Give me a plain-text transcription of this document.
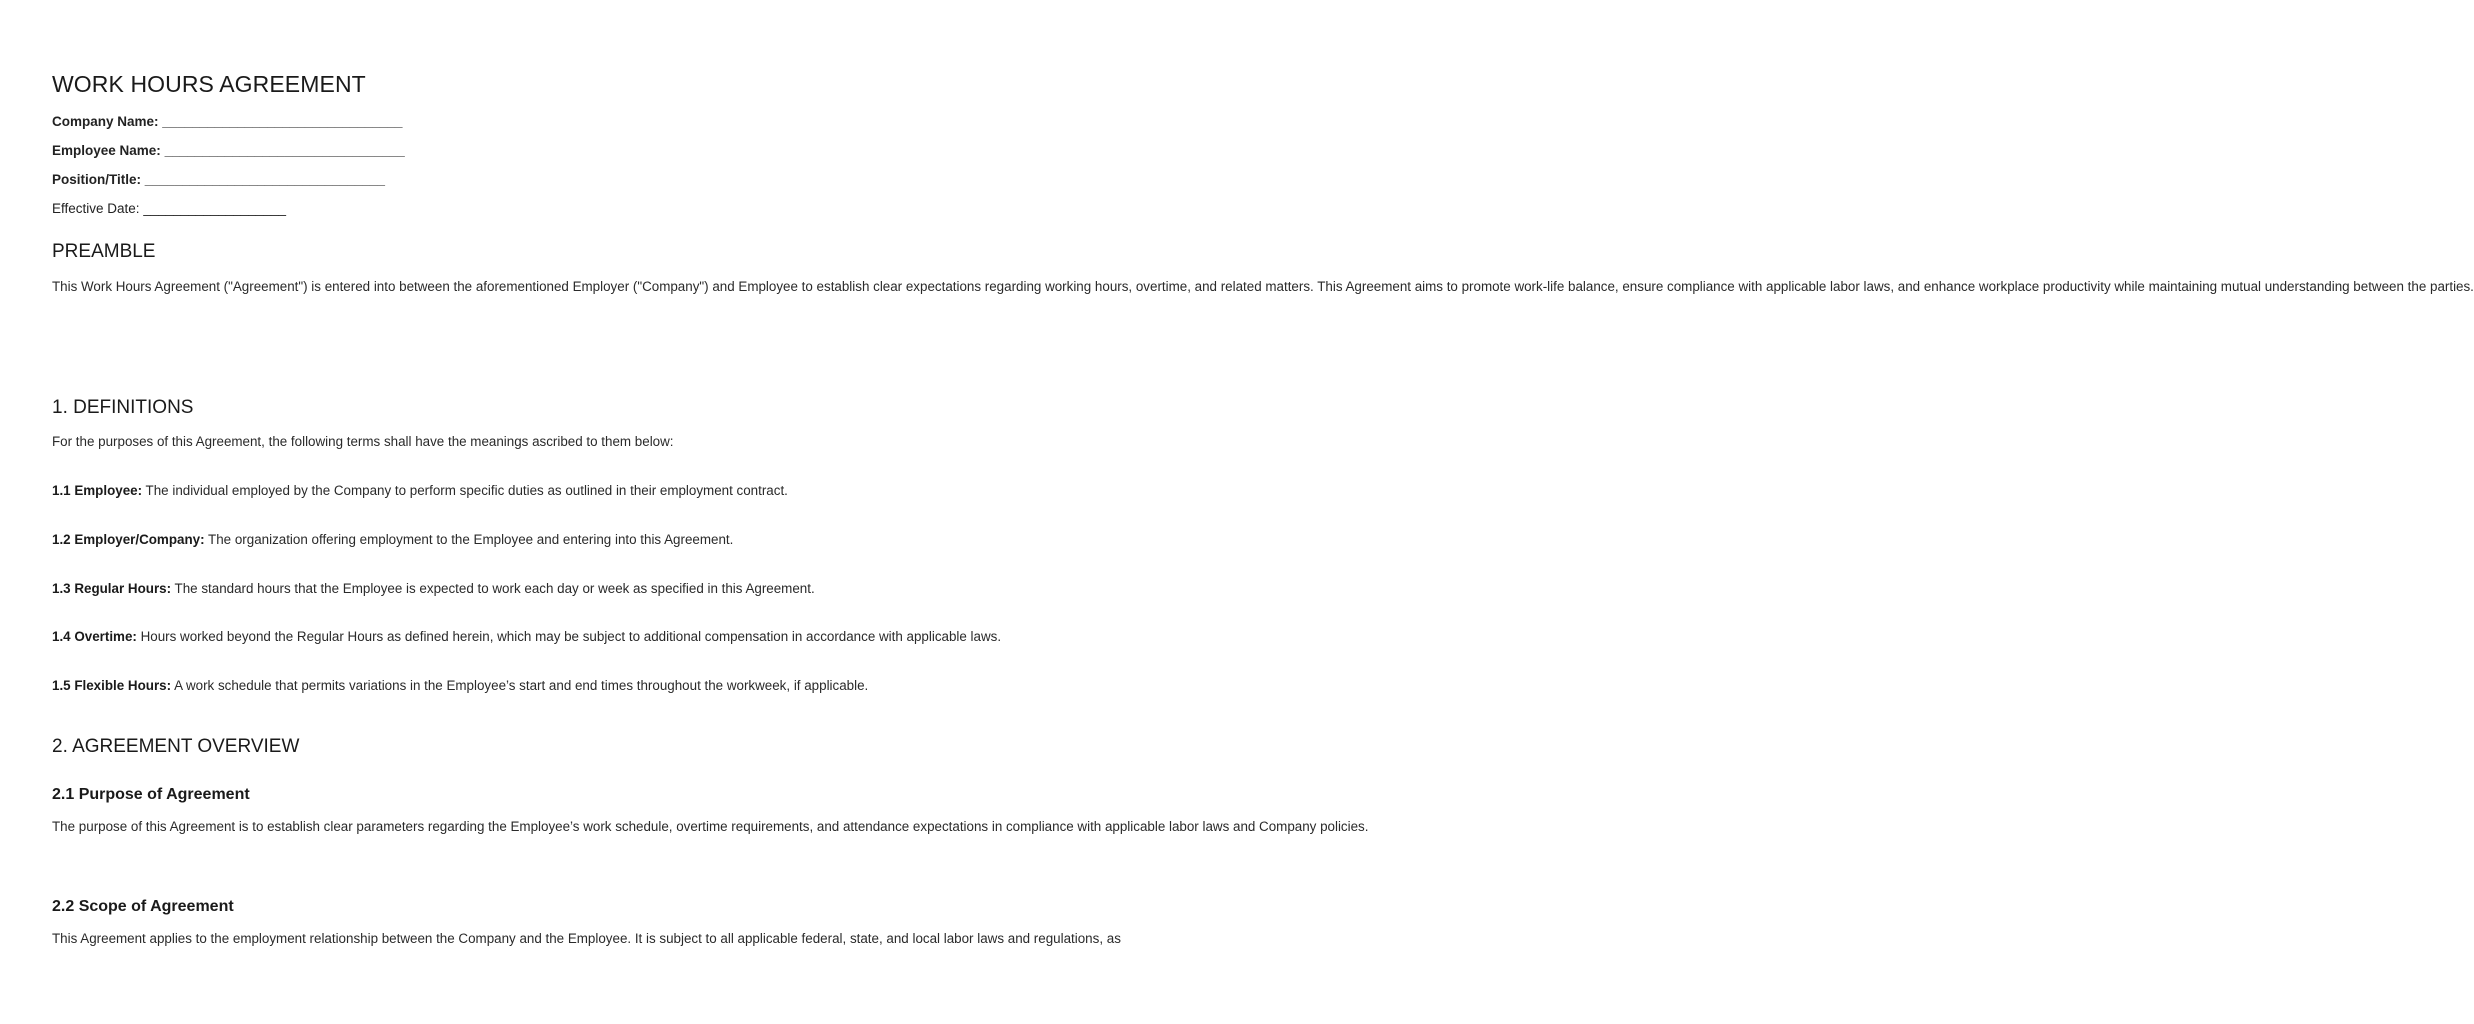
WORK HOURS AGREEMENT
Company Name: ________________________________
Employee Name: ________________________________
Position/Title: ________________________________
Effective Date: ___________________
PREAMBLE

This Work Hours Agreement ("Agreement") is entered into between the aforementioned Employer ("Company") and Employee to establish clear expectations regarding working hours, overtime, and related matters. This Agreement aims to promote work-life balance, ensure compliance with applicable labor laws, and enhance workplace productivity while maintaining mutual understanding between the parties.

1. DEFINITIONS

For the purposes of this Agreement, the following terms shall have the meanings ascribed to them below:

1.1 Employee: The individual employed by the Company to perform specific duties as outlined in their employment contract.

1.2 Employer/Company: The organization offering employment to the Employee and entering into this Agreement.

1.3 Regular Hours: The standard hours that the Employee is expected to work each day or week as specified in this Agreement.

1.4 Overtime: Hours worked beyond the Regular Hours as defined herein, which may be subject to additional compensation in accordance with applicable laws.

1.5 Flexible Hours: A work schedule that permits variations in the Employee’s start and end times throughout the workweek, if applicable.

2. AGREEMENT OVERVIEW
2.1 Purpose of Agreement

The purpose of this Agreement is to establish clear parameters regarding the Employee’s work schedule, overtime requirements, and attendance expectations in compliance with applicable labor laws and Company policies.

2.2 Scope of Agreement

This Agreement applies to the employment relationship between the Company and the Employee. It is subject to all applicable federal, state, and local labor laws and regulations, as
